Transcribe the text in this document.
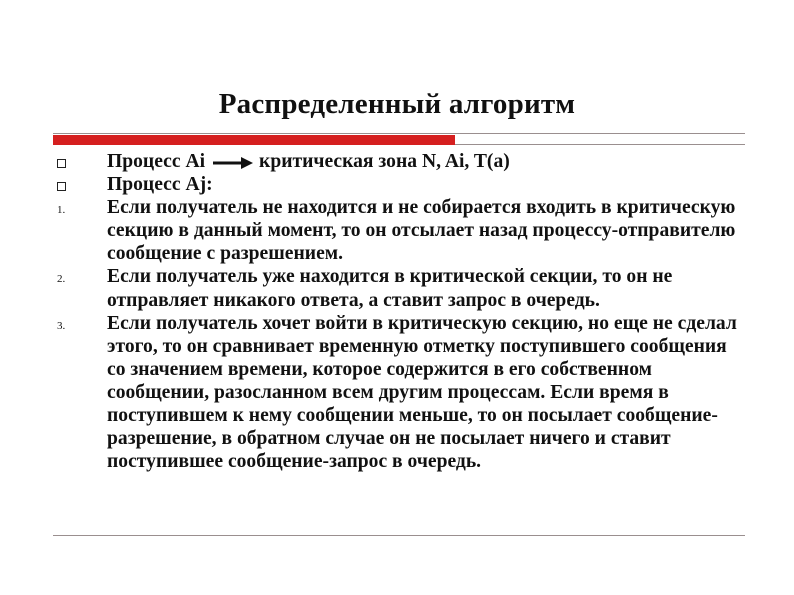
Распределенный алгоритм
Процесс Ai	критическая зона N, Ai, T(a)
Процесс Aj:
1.	Если получатель не находится и не собирается входить в критическую секцию в данный момент, то он отсылает назад процессу-отправителю сообщение с разрешением.
2.	Если получатель уже находится в критической секции, то он не отправляет никакого ответа, а ставит запрос в очередь.
3.	Если получатель хочет войти в критическую секцию, но еще не сделал этого, то он сравнивает временную отметку поступившего сообщения со значением времени, которое содержится в его собственном сообщении, разосланном всем другим процессам. Если время в поступившем к нему сообщении меньше, то он посылает сообщение-разрешение, в обратном случае он не посылает ничего и ставит поступившее сообщение-запрос в очередь.
